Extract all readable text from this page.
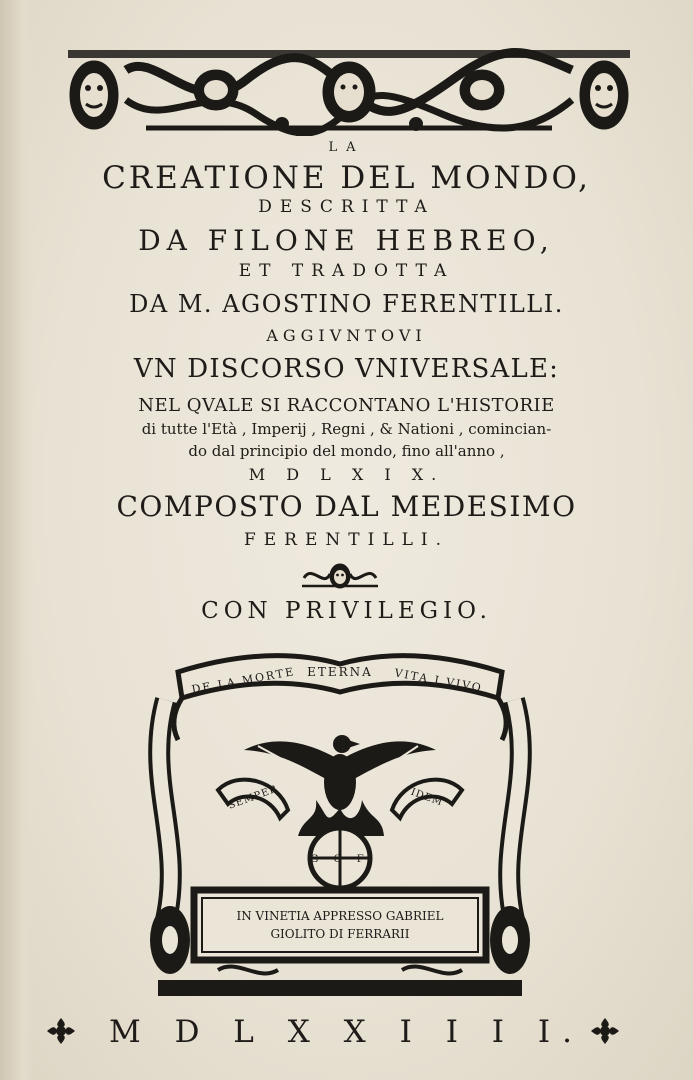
LA
CREATIONE DEL MONDO,
DESCRITTA
DA FILONE HEBREO,
ET TRADOTTA
DA M. AGOSTINO FERENTILLI.
AGGIVNTOVI
VN DISCORSO VNIVERSALE:
NEL QVALE SI RACCONTANO L'HISTORIE
di tutte l'Età , Imperij , Regni , & Nationi , comincian-
do dal principio del mondo, fino all'anno ,
M D L X I X.
COMPOSTO DAL MEDESIMO
FERENTILLI.
CON PRIVILEGIO.
ETERNA
DE LA MORTE	VITA I VIVO
SEMPER	IDEM
G G F
IN VINETIA APPRESSO GABRIEL
GIOLITO DI FERRARII
M D L X X I I I I.
